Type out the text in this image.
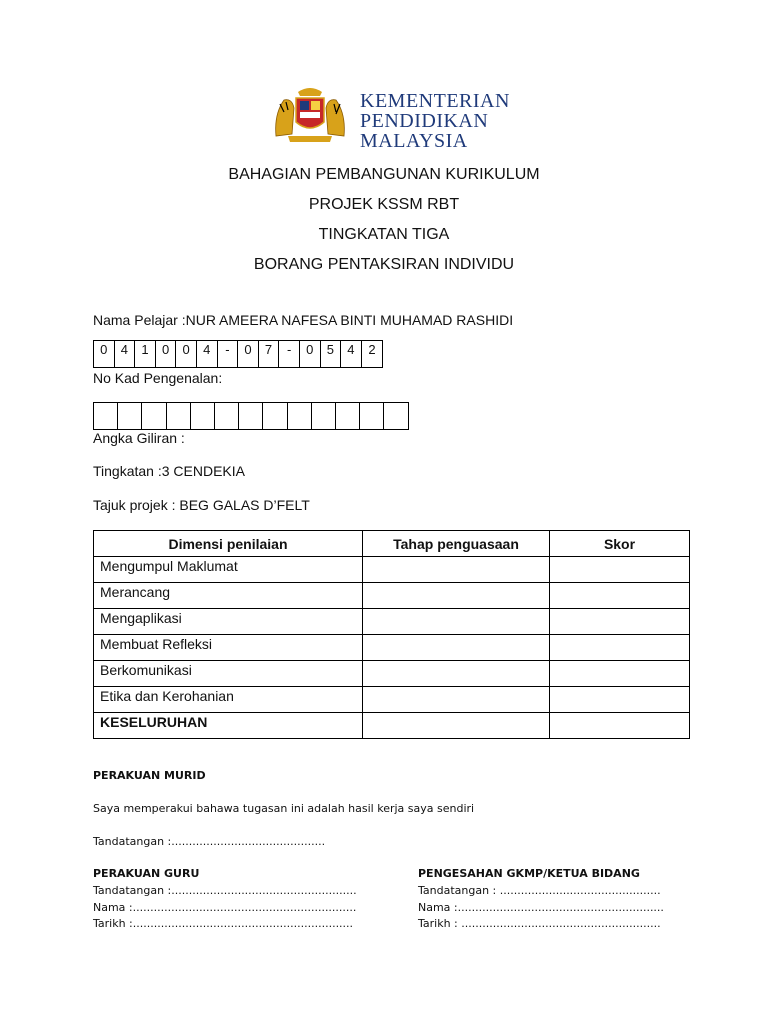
KEMENTERIAN
PENDIDIKAN
MALAYSIA
BAHAGIAN PEMBANGUNAN KURIKULUM
PROJEK KSSM RBT
TINGKATAN TIGA
BORANG PENTAKSIRAN INDIVIDU
Nama Pelajar :NUR AMEERA NAFESA BINTI MUHAMAD RASHIDI
0	4	1	0	0	4	-	0	7	-	0	5	4	2
No Kad Pengenalan:
Angka Giliran :
Tingkatan :3 CENDEKIA
Tajuk projek : BEG GALAS D’FELT
Dimensi penilaian	Tahap penguasaan	Skor
Mengumpul Maklumat		
Merancang		
Mengaplikasi		
Membuat Refleksi		
Berkomunikasi		
Etika dan Kerohanian		
KESELURUHAN		
PERAKUAN MURID
Saya memperakui bahawa tugasan ini adalah hasil kerja saya sendiri
Tandatangan :............................................
PERAKUAN GURU
Tandatangan :.....................................................
Nama :................................................................
Tarikh :...............................................................
PENGESAHAN GKMP/KETUA BIDANG
Tandatangan : ..............................................
Nama :...........................................................
Tarikh : .........................................................
